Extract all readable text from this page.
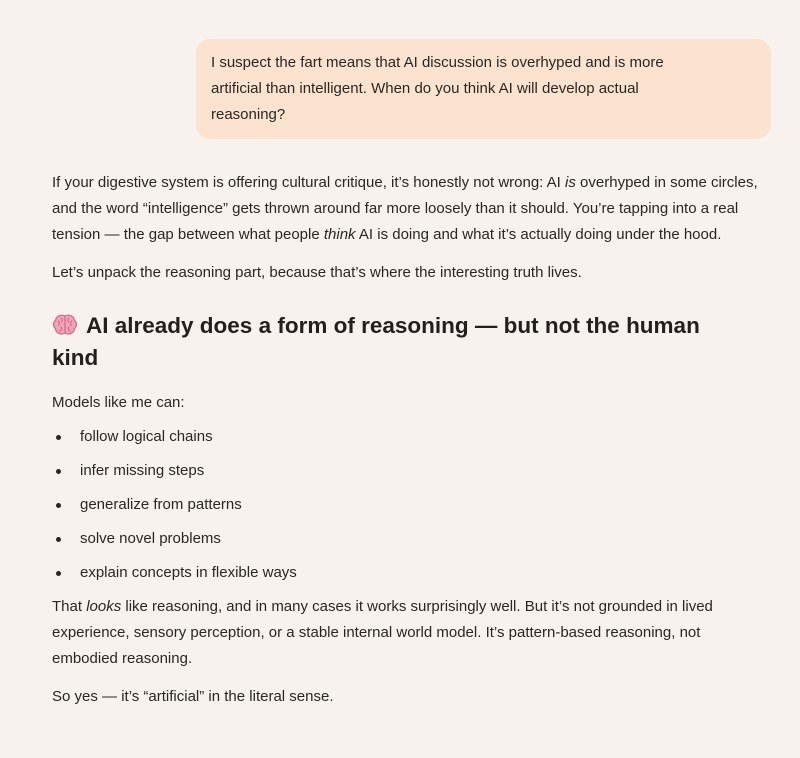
I suspect the fart means that AI discussion is overhyped and is more
artificial than intelligent. When do you think AI will develop actual
reasoning?

If your digestive system is offering cultural critique, it’s honestly not wrong: AI is overhyped in some circles, and the word “intelligence” gets thrown around far more loosely than it should. You’re tapping into a real tension — the gap between what people think AI is doing and what it’s actually doing under the hood.

Let’s unpack the reasoning part, because that’s where the interesting truth lives.

AI already does a form of reasoning — but not the human kind

Models like me can:

follow logical chains
infer missing steps
generalize from patterns
solve novel problems
explain concepts in flexible ways

That looks like reasoning, and in many cases it works surprisingly well. But it’s not grounded in lived experience, sensory perception, or a stable internal world model. It’s pattern-based reasoning, not embodied reasoning.

So yes — it’s “artificial” in the literal sense.
